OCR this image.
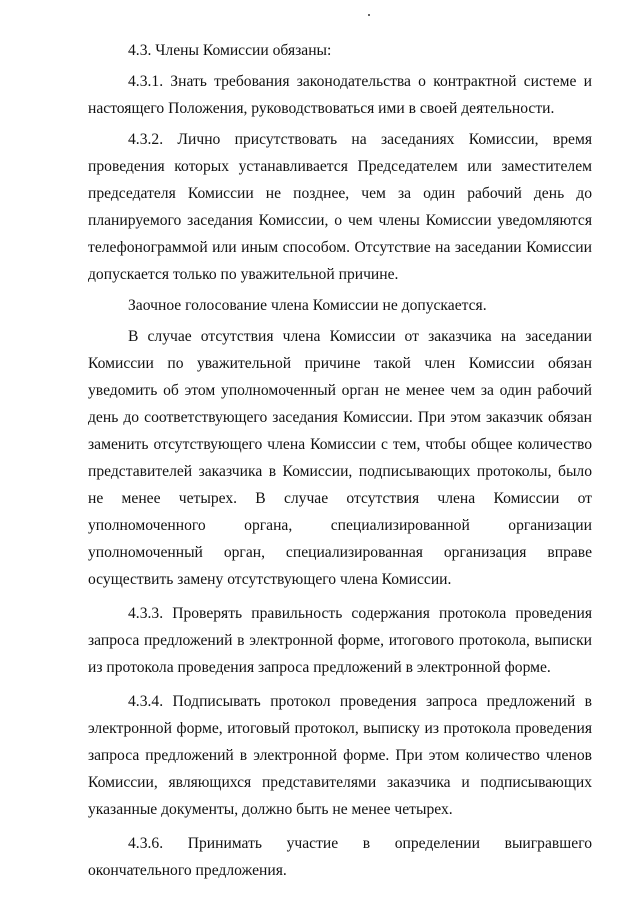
4.3. Члены Комиссии обязаны:

4.3.1. Знать требования законодательства о контрактной системе и настоящего Положения, руководствоваться ими в своей деятельности.

4.3.2. Лично присутствовать на заседаниях Комиссии, время проведения которых устанавливается Председателем или заместителем председателя Комиссии не позднее, чем за один рабочий день до планируемого заседания Комиссии, о чем члены Комиссии уведомляются телефонограммой или иным способом. Отсутствие на заседании Комиссии допускается только по уважительной причине.

Заочное голосование члена Комиссии не допускается.

В случае отсутствия члена Комиссии от заказчика на заседании Комиссии по уважительной причине такой член Комиссии обязан уведомить об этом уполномоченный орган не менее чем за один рабочий день до соответствующего заседания Комиссии. При этом заказчик обязан заменить отсутствующего члена Комиссии с тем, чтобы общее количество представителей заказчика в Комиссии, подписывающих протоколы, было не менее четырех. В случае отсутствия члена Комиссии от уполномоченного органа, специализированной организации уполномоченный орган, специализированная организация вправе осуществить замену отсутствующего члена Комиссии.

4.3.3. Проверять правильность содержания протокола проведения запроса предложений в электронной форме, итогового протокола, выписки из протокола проведения запроса предложений в электронной форме.

4.3.4. Подписывать протокол проведения запроса предложений в электронной форме, итоговый протокол, выписку из протокола проведения запроса предложений в электронной форме. При этом количество членов Комиссии, являющихся представителями заказчика и подписывающих указанные документы, должно быть не менее четырех.

4.3.6. Принимать участие в определении выигравшего окончательного предложения.
